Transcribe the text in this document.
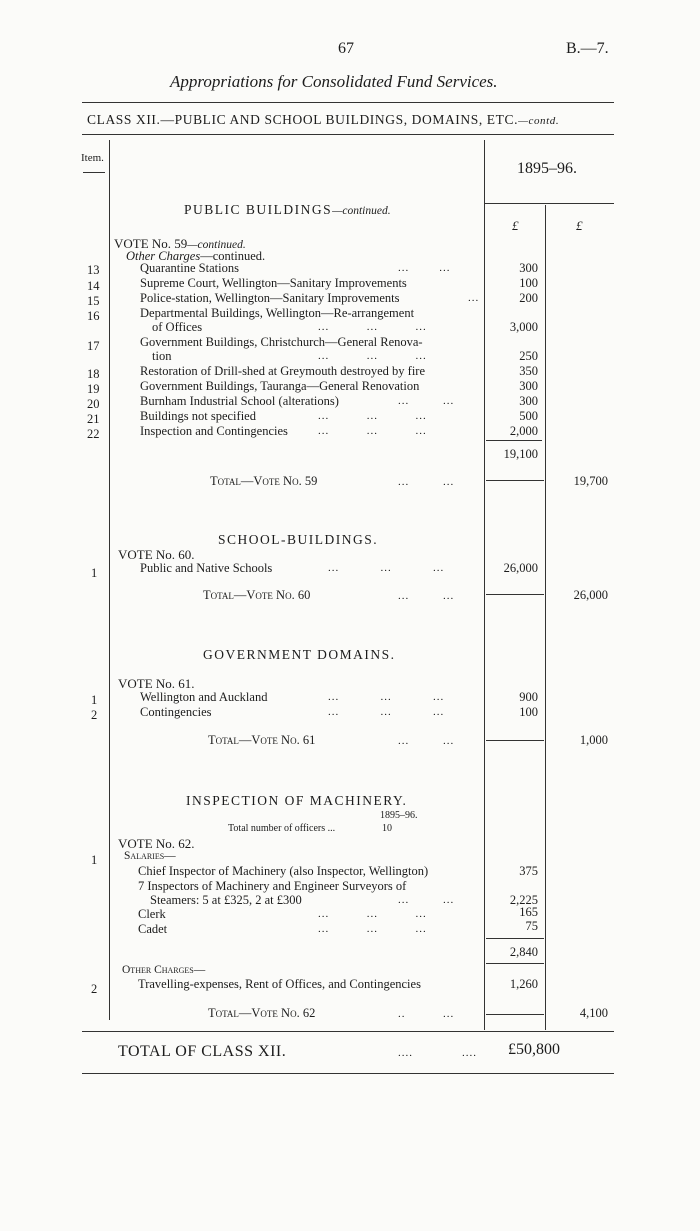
67	B.—7.
Appropriations for Consolidated Fund Services.
CLASS XII.—PUBLIC AND SCHOOL BUILDINGS, DOMAINS, ETC.—contd.
Item.
1895–96.
£	£
PUBLIC BUILDINGS—continued.
VOTE No. 59—continued.
Other Charges—continued.
13	Quarantine Stations	...        ...	300
14	Supreme Court, Wellington—Sanitary Improvements	100
15	Police-station, Wellington—Sanitary Improvements	...	200
16	Departmental Buildings, Wellington—Re-arrangement
of Offices	...          ...          ...	3,000
17	Government Buildings, Christchurch—General Renova-
tion	...          ...          ...	250
18	Restoration of Drill-shed at Greymouth destroyed by fire	350
19	Government Buildings, Tauranga—General Renovation	300
20	Burnham Industrial School (alterations)	...         ...	300
21	Buildings not specified	...          ...          ...	500
22	Inspection and Contingencies	...          ...          ...	2,000
19,100
Total—Vote No. 59	...         ...	19,700
SCHOOL-BUILDINGS.
VOTE No. 60.
1	Public and Native Schools	...           ...           ...	26,000
Total—Vote No. 60	...         ...	26,000
GOVERNMENT DOMAINS.
VOTE No. 61.
1	Wellington and Auckland	...           ...           ...	900
2	Contingencies	...           ...           ...	100
Total—Vote No. 61	...         ...	1,000
INSPECTION OF MACHINERY.
1895–96.
Total number of officers ...	10
VOTE No. 62.
Salaries—
1
Chief Inspector of Machinery (also Inspector, Wellington)	375
7 Inspectors of Machinery and Engineer Surveyors of
Steamers: 5 at £325, 2 at £300	...         ...	2,225
Clerk	...          ...          ...	165
Cadet	...          ...          ...	75
2,840
Other Charges—
2	Travelling-expenses, Rent of Offices, and Contingencies	1,260
Total—Vote No. 62	..          ...	4,100
TOTAL OF CLASS XII.	....	.... £50,800
